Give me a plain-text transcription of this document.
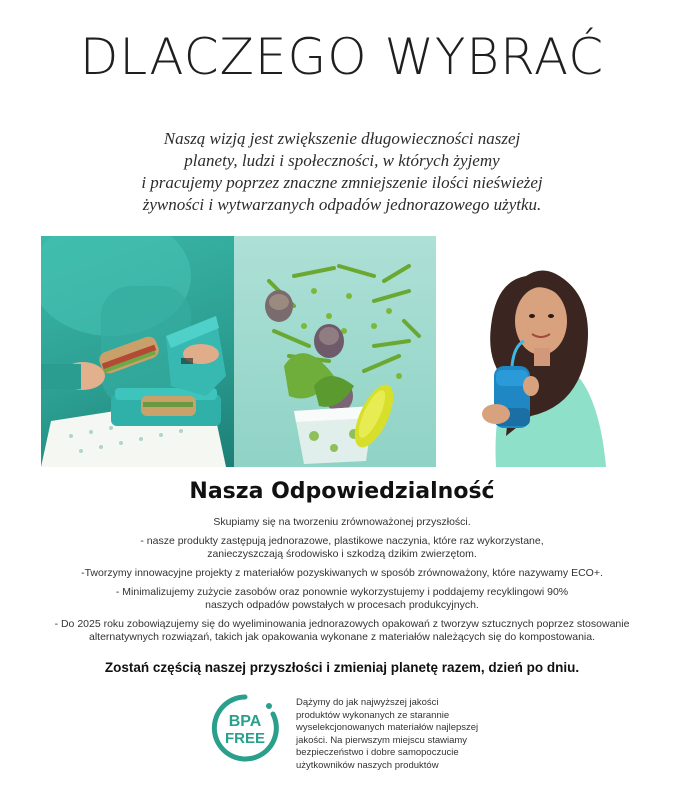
DLACZEGO WYBRAĆ
Naszą wizją jest zwiększenie długowieczności naszej
planety, ludzi i społeczności, w których żyjemy
i pracujemy poprzez znaczne zmniejszenie ilości nieświeżej
żywności i wytwarzanych odpadów jednorazowego użytku.
Nasza Odpowiedzialność
Skupiamy się na tworzeniu zrównoważonej przyszłości.
- nasze produkty zastępują jednorazowe, plastikowe naczynia, które raz wykorzystane,
zanieczyszczają środowisko i szkodzą dzikim zwierzętom.
-Tworzymy innowacyjne projekty z materiałów pozyskiwanych w sposób zrównoważony, które nazywamy ECO+.
- Minimalizujemy zużycie zasobów oraz ponownie wykorzystujemy i poddajemy recyklingowi 90%
naszych odpadów powstałych w procesach produkcyjnych.
- Do 2025 roku zobowiązujemy się do wyeliminowania jednorazowych opakowań z tworzyw sztucznych poprzez stosowanie
alternatywnych rozwiązań, takich jak opakowania wykonane z materiałów należących się do kompostowania.
Zostań częścią naszej przyszłości i zmieniaj planetę razem, dzień po dniu.
BPA
FREE
Dążymy do jak najwyższej jakości
produktów wykonanych ze starannie
wyselekcjonowanych materiałów najlepszej
jakości. Na pierwszym miejscu stawiamy
bezpieczeństwo i dobre samopoczucie
użytkowników naszych produktów
